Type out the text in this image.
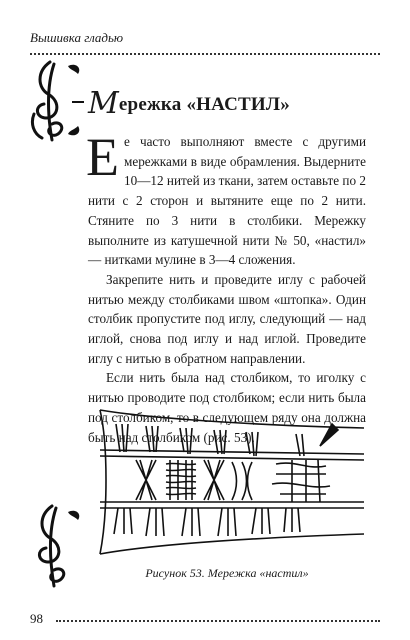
Вышивка гладью
Мережка «НАСТИЛ»

Ее часто выполняют вместе с другими мережками в виде обрамления. Выдерните 10—12 нитей из ткани, затем оставьте по 2 нити с 2 сторон и вытяните еще по 2 нити. Стяните по 3 нити в столбики. Мережку выполните из катушечной нити № 50, «настил» — нитками мулине в 3—4 сложения.

Закрепите нить и проведите иглу с рабочей нитью между столбиками швом «штопка». Один столбик пропустите под иглу, следующий — над иглой, снова под иглу и над иглой. Проведите иглу с нитью в обратном направлении.

Если нить была над столбиком, то иголку с нитью проводите под столбиком; если нить была под столбиком, то в следующем ряду она должна быть над столбиком (рис. 53).

Рисунок 53. Мережка «настил»
98
